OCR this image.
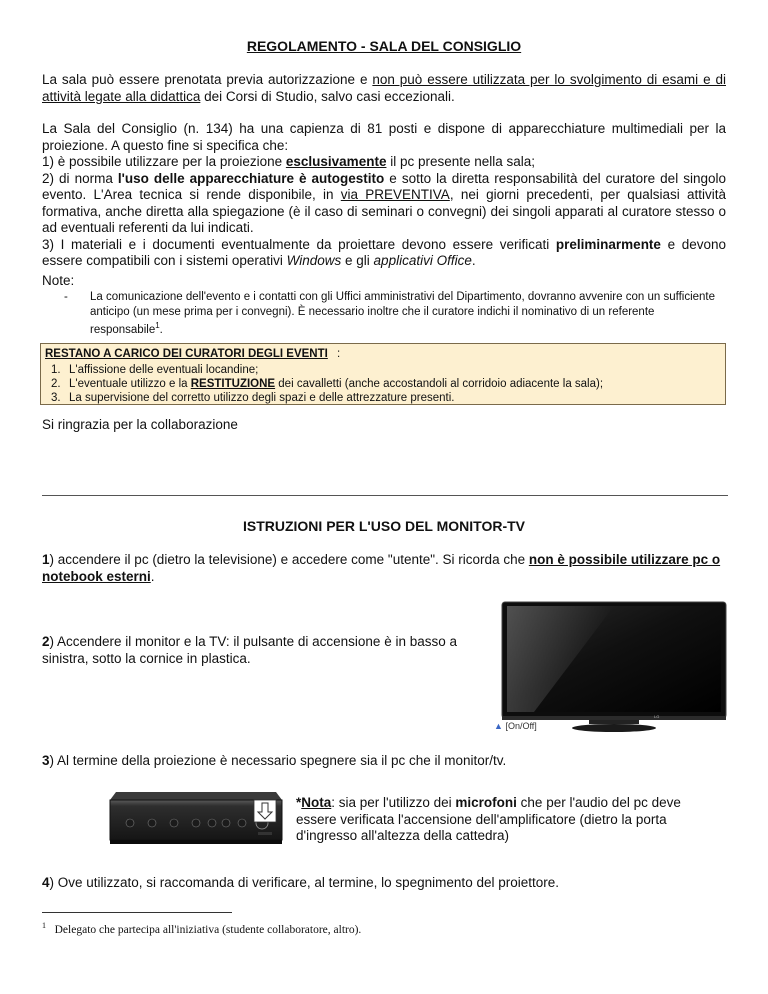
REGOLAMENTO - SALA DEL CONSIGLIO
La sala può essere prenotata previa autorizzazione e non può essere utilizzata per lo svolgimento di esami e di attività legate alla didattica dei Corsi di Studio, salvo casi eccezionali.
La Sala del Consiglio (n. 134) ha una capienza di 81 posti e dispone di apparecchiature multimediali per la proiezione. A questo fine si specifica che:
1) è possibile utilizzare per la proiezione esclusivamente il pc presente nella sala;
2) di norma l'uso delle apparecchiature è autogestito e sotto la diretta responsabilità del curatore del singolo evento. L'Area tecnica si rende disponibile, in via PREVENTIVA, nei giorni precedenti, per qualsiasi attività formativa, anche diretta alla spiegazione (è il caso di seminari o convegni) dei singoli apparati al curatore stesso o ad eventuali referenti da lui indicati.
3) I materiali e i documenti eventualmente da proiettare devono essere verificati preliminarmente e devono essere compatibili con i sistemi operativi Windows e gli applicativi Office.
Note:
- La comunicazione dell'evento e i contatti con gli Uffici amministrativi del Dipartimento, dovranno avvenire con un sufficiente anticipo (un mese prima per i convegni). È necessario inoltre che il curatore indichi il nominativo di un referente responsabile$^1$.
RESTANO A CARICO DEI CURATORI DEGLI EVENTI :
1. L'affissione delle eventuali locandine;
2. L'eventuale utilizzo e la RESTITUZIONE dei cavalletti (anche accostandoli al corridoio adiacente la sala);
3. La supervisione del corretto utilizzo degli spazi e delle attrezzature presenti.
Si ringrazia per la collaborazione
ISTRUZIONI PER L'USO DEL MONITOR-TV
1) accendere il pc (dietro la televisione) e accedere come "utente". Si ricorda che non è possibile utilizzare pc o notebook esterni.
2) Accendere il monitor e la TV: il pulsante di accensione è in basso a sinistra, sotto la cornice in plastica.
LG
▲ [On/Off]
3) Al termine della proiezione è necessario spegnere sia il pc che il monitor/tv.
*Nota: sia per l'utilizzo dei microfoni che per l'audio del pc deve essere verificata l'accensione dell'amplificatore (dietro la porta d'ingresso all'altezza della cattedra)
4) Ove utilizzato, si raccomanda di verificare, al termine, lo spegnimento del proiettore.
$^1$ Delegato che partecipa all'iniziativa (studente collaboratore, altro).
